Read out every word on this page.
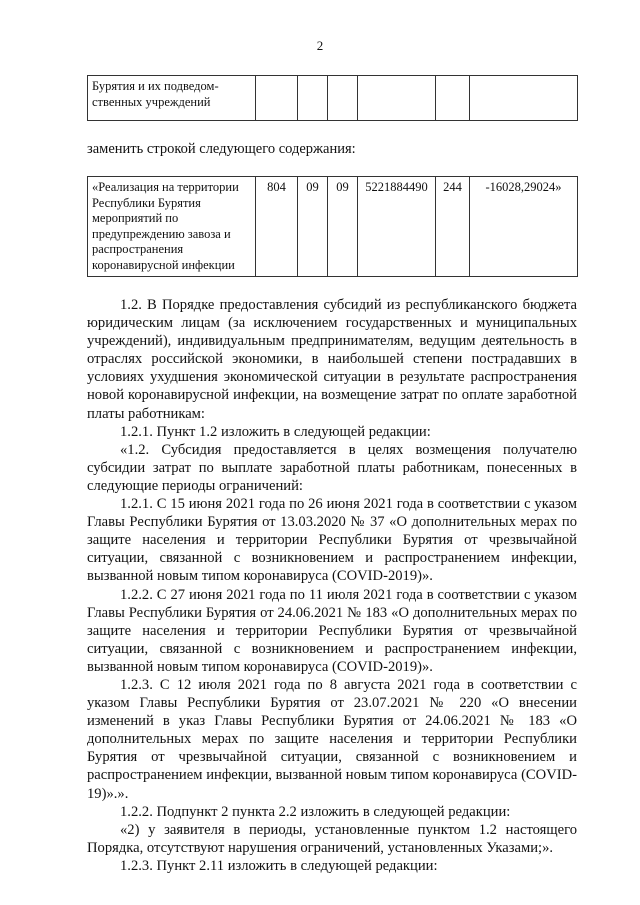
2
Бурятия и их подведом-ственных учреждений						
заменить строкой следующего содержания:
«Реализация на территории Республики Бурятия мероприятий по предупреждению завоза и распространения коронавирусной инфекции	804	09	09	5221884490	244	-16028,29024»

1.2. В Порядке предоставления субсидий из республиканского бюджета юридическим лицам (за исключением государственных и муниципальных учреждений), индивидуальным предпринимателям, ведущим деятельность в отраслях российской экономики, в наибольшей степени пострадавших в условиях ухудшения экономической ситуации в результате распространения новой коронавирусной инфекции, на возмещение затрат по оплате заработной платы работникам:

1.2.1. Пункт 1.2 изложить в следующей редакции:

«1.2. Субсидия предоставляется в целях возмещения получателю субсидии затрат по выплате заработной платы работникам, понесенных в следующие периоды ограничений:

1.2.1. С 15 июня 2021 года по 26 июня 2021 года в соответствии с указом Главы Республики Бурятия от 13.03.2020 № 37 «О дополнительных мерах по защите населения и территории Республики Бурятия от чрезвычайной ситуации, связанной с возникновением и распространением инфекции, вызванной новым типом коронавируса (COVID-2019)».

1.2.2. С 27 июня 2021 года по 11 июля 2021 года в соответствии с указом Главы Республики Бурятия от 24.06.2021 № 183 «О дополнительных мерах по защите населения и территории Республики Бурятия от чрезвычайной ситуации, связанной с возникновением и распространением инфекции, вызванной новым типом коронавируса (COVID-2019)».

1.2.3. С 12 июля 2021 года по 8 августа 2021 года в соответствии с указом Главы Республики Бурятия от 23.07.2021 № 220 «О внесении изменений в указ Главы Республики Бурятия от 24.06.2021 № 183 «О дополнительных мерах по защите населения и территории Республики Бурятия от чрезвычайной ситуации, связанной с возникновением и распространением инфекции, вызванной новым типом коронавируса (COVID-19)».».

1.2.2. Подпункт 2 пункта 2.2 изложить в следующей редакции:

«2) у заявителя в периоды, установленные пунктом 1.2 настоящего Порядка, отсутствуют нарушения ограничений, установленных Указами;».

1.2.3. Пункт 2.11 изложить в следующей редакции:
